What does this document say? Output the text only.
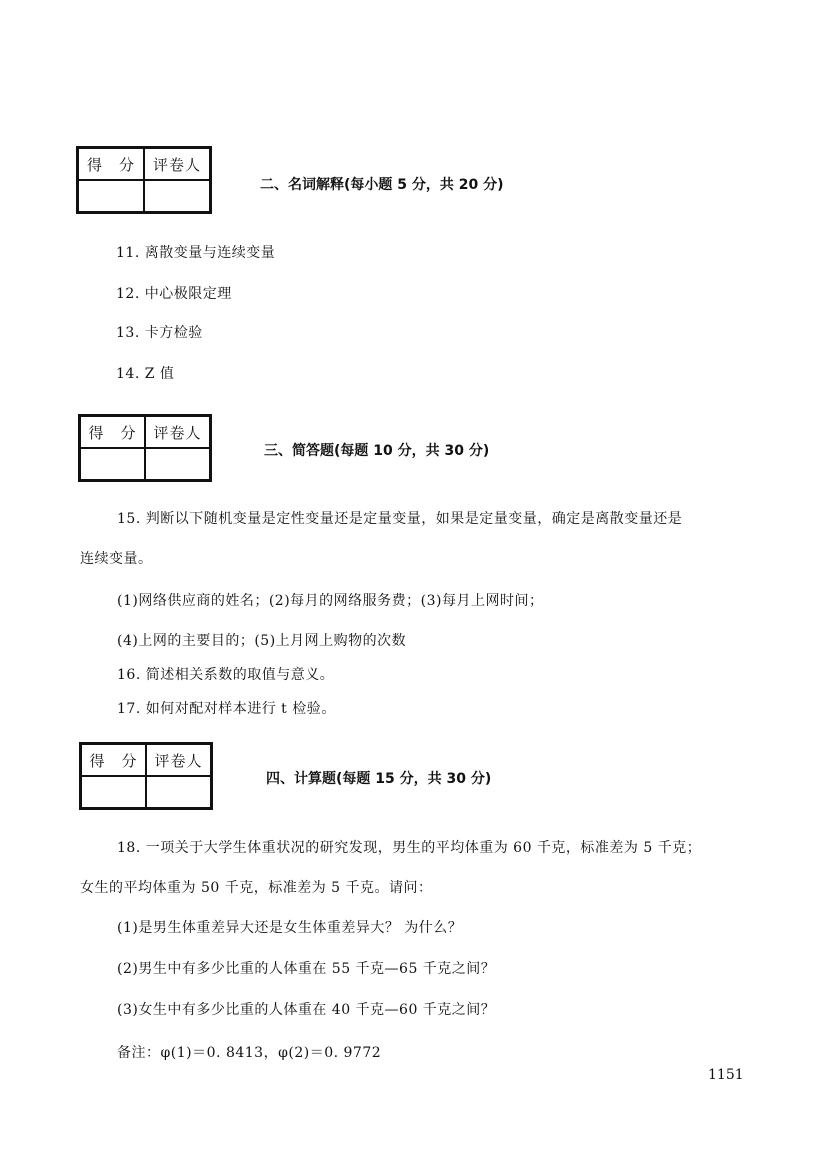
得　分	评卷人
二、名词解释(每小题 5 分，共 20 分)
11. 离散变量与连续变量
12. 中心极限定理
13. 卡方检验
14. Z 值
得　分	评卷人
三、简答题(每题 10 分，共 30 分)
15. 判断以下随机变量是定性变量还是定量变量，如果是定量变量，确定是离散变量还是
连续变量。
(1)网络供应商的姓名；(2)每月的网络服务费；(3)每月上网时间；
(4)上网的主要目的；(5)上月网上购物的次数
16. 简述相关系数的取值与意义。
17. 如何对配对样本进行 t 检验。
得　分	评卷人
四、计算题(每题 15 分，共 30 分)
18. 一项关于大学生体重状况的研究发现，男生的平均体重为 60 千克，标准差为 5 千克；
女生的平均体重为 50 千克，标准差为 5 千克。请问：
(1)是男生体重差异大还是女生体重差异大？ 为什么？
(2)男生中有多少比重的人体重在 55 千克—65 千克之间？
(3)女生中有多少比重的人体重在 40 千克—60 千克之间？
备注：φ(1)＝0. 8413，φ(2)＝0. 9772
1151
